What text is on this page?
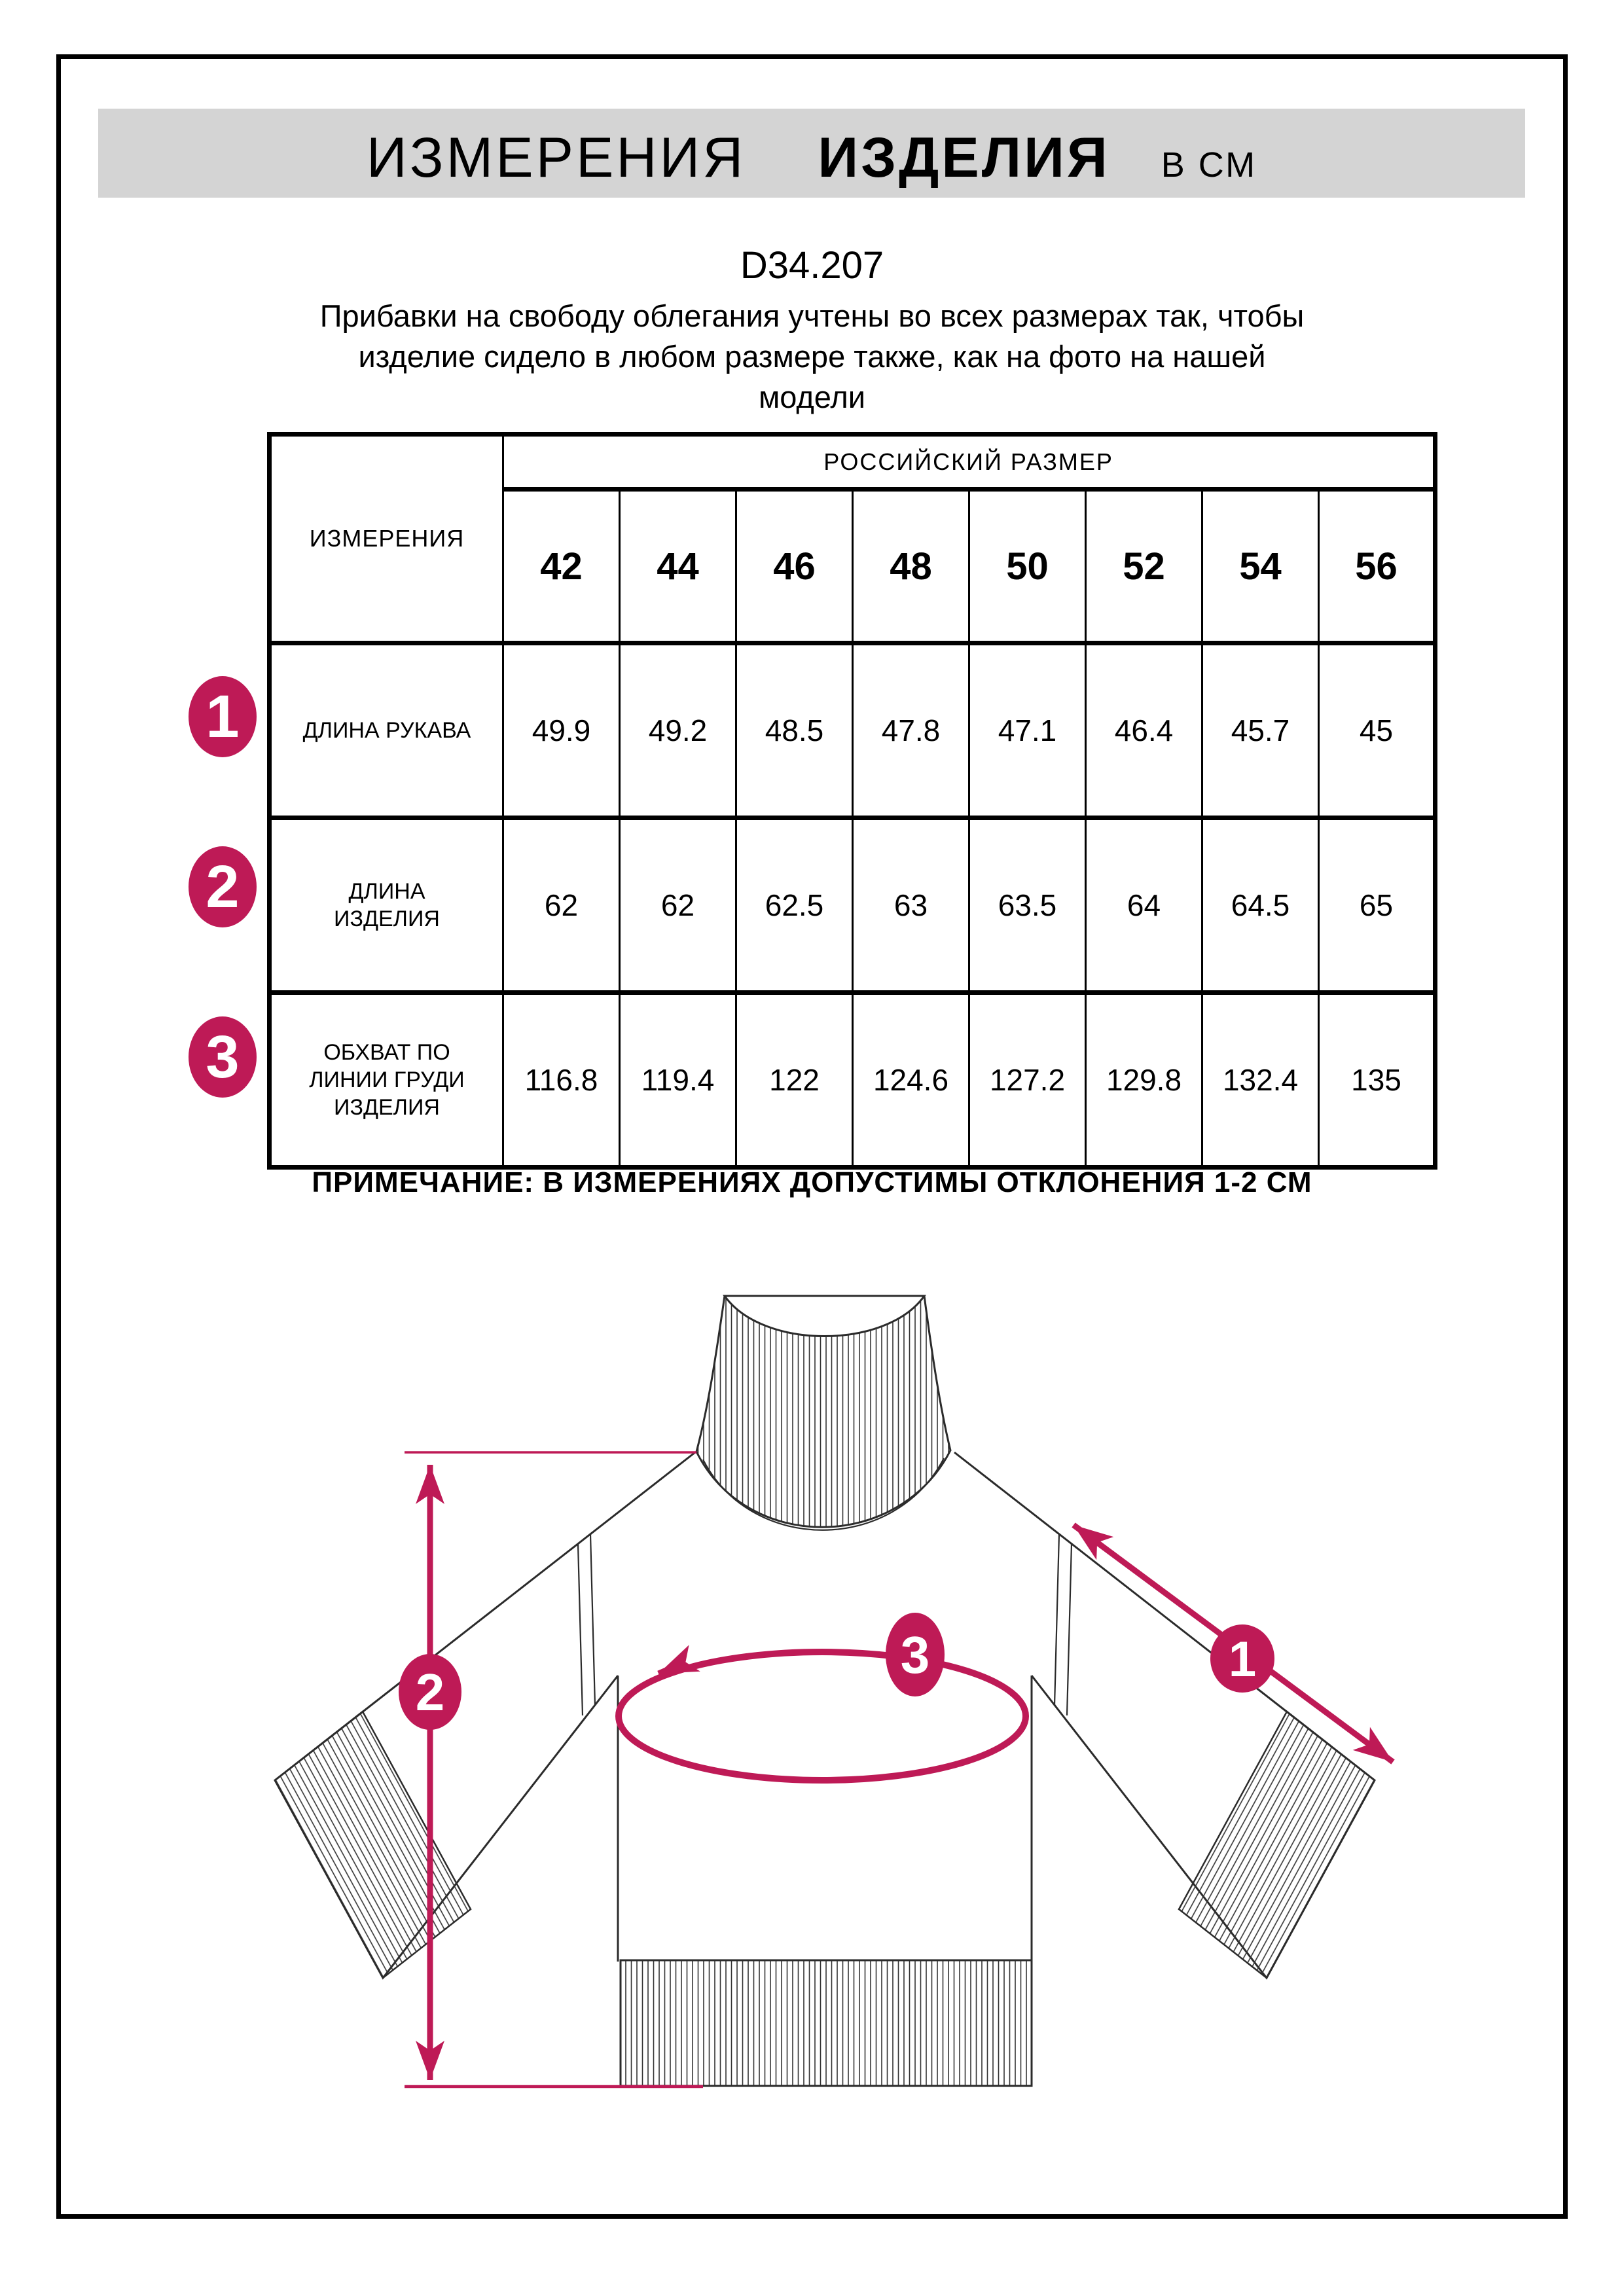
ИЗМЕРЕНИЯ ИЗДЕЛИЯ В СМ
D34.207
Прибавки на свободу облегания учтены во всех размерах так, чтобы
изделие сидело в любом размере также, как на фото на нашей
модели
ИЗМЕРЕНИЯ	РОССИЙСКИЙ РАЗМЕР							
	42	44	46	48	50	52	54	56

ДЛИНА РУКАВА	49.9	49.2	48.5	47.8	47.1	46.4	45.7	45

ДЛИНА
ИЗДЕЛИЯ	62	62	62.5	63	63.5	64	64.5	65

ОБХВАТ ПО
ЛИНИИ ГРУДИ
ИЗДЕЛИЯ	116.8	119.4	122	124.6	127.2	129.8	132.4	135
1
2
3
ПРИМЕЧАНИЕ: В ИЗМЕРЕНИЯХ ДОПУСТИМЫ ОТКЛОНЕНИЯ 1-2 СМ
1
2
3
